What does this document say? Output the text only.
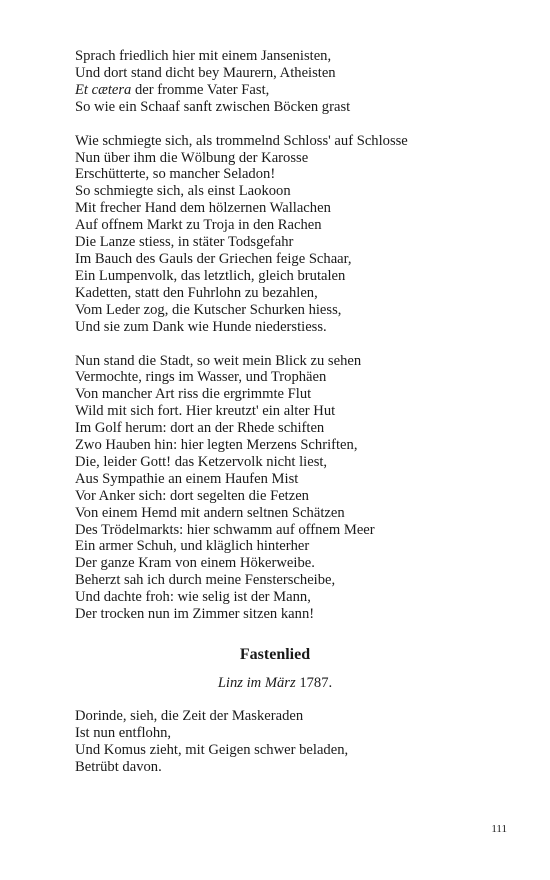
Sprach friedlich hier mit einem Jansenisten,
Und dort stand dicht bey Maurern, Atheisten
Et cætera der fromme Vater Fast,
So wie ein Schaaf sanft zwischen Böcken grast
Wie schmiegte sich, als trommelnd Schloss' auf Schlosse
Nun über ihm die Wölbung der Karosse
Erschütterte, so mancher Seladon!
So schmiegte sich, als einst Laokoon
Mit frecher Hand dem hölzernen Wallachen
Auf offnem Markt zu Troja in den Rachen
Die Lanze stiess, in stäter Todsgefahr
Im Bauch des Gauls der Griechen feige Schaar,
Ein Lumpenvolk, das letztlich, gleich brutalen
Kadetten, statt den Fuhrlohn zu bezahlen,
Vom Leder zog, die Kutscher Schurken hiess,
Und sie zum Dank wie Hunde niederstiess.
Nun stand die Stadt, so weit mein Blick zu sehen
Vermochte, rings im Wasser, und Trophäen
Von mancher Art riss die ergrimmte Flut
Wild mit sich fort. Hier kreutzt' ein alter Hut
Im Golf herum: dort an der Rhede schiften
Zwo Hauben hin: hier legten Merzens Schriften,
Die, leider Gott! das Ketzervolk nicht liest,
Aus Sympathie an einem Haufen Mist
Vor Anker sich: dort segelten die Fetzen
Von einem Hemd mit andern seltnen Schätzen
Des Trödelmarkts: hier schwamm auf offnem Meer
Ein armer Schuh, und kläglich hinterher
Der ganze Kram von einem Hökerweibe.
Beherzt sah ich durch meine Fensterscheibe,
Und dachte froh: wie selig ist der Mann,
Der trocken nun im Zimmer sitzen kann!
Fastenlied
Linz im März 1787.
Dorinde, sieh, die Zeit der Maskeraden
Ist nun entflohn,
Und Komus zieht, mit Geigen schwer beladen,
Betrübt davon.
111
